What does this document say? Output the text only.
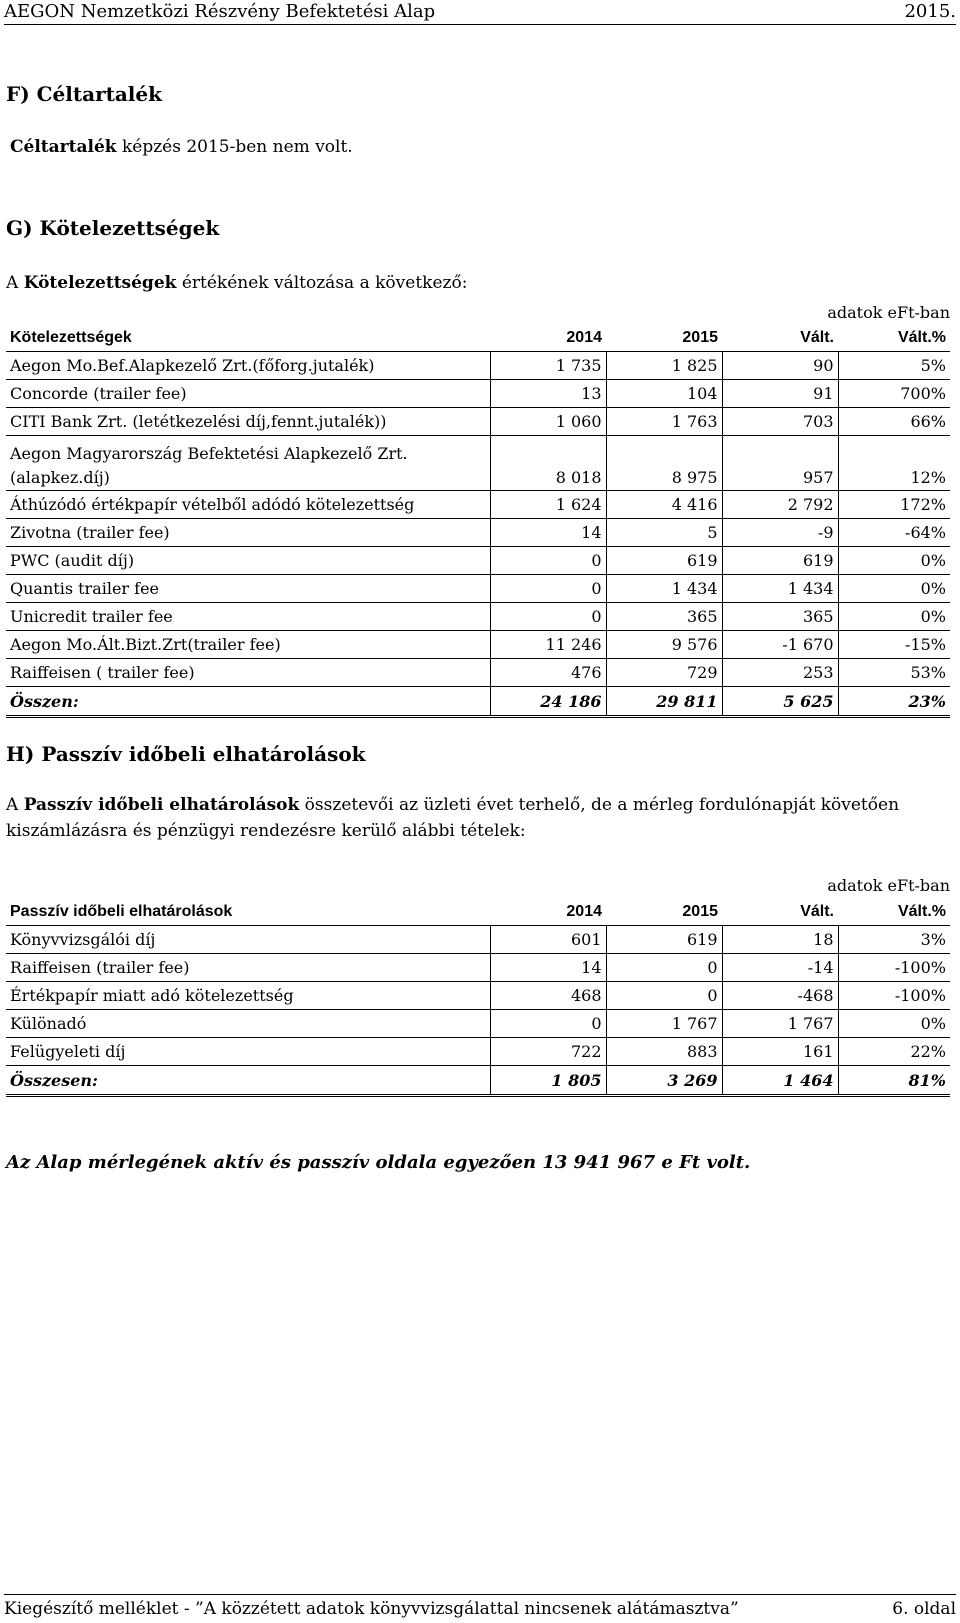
AEGON Nemzetközi Részvény Befektetési Alap	2015.
F) Céltartalék

Céltartalék képzés 2015-ben nem volt.

G) Kötelezettségek

A Kötelezettségek értékének változása a következő:

adatok eFt-ban
Kötelezettségek	2014	2015	Vált.	Vált.%
Aegon Mo.Bef.Alapkezelő Zrt.(főforg.jutalék)	1 735	1 825	90	5%
Concorde (trailer fee)	13	104	91	700%
CITI Bank Zrt. (letétkezelési díj,fennt.jutalék))	1 060	1 763	703	66%
Aegon Magyarország Befektetési Alapkezelő Zrt.(alapkez.díj)	8 018	8 975	957	12%
Áthúzódó értékpapír vételből adódó kötelezettség	1 624	4 416	2 792	172%
Zivotna (trailer fee)	14	5	-9	-64%
PWC (audit díj)	0	619	619	0%
Quantis trailer fee	0	1 434	1 434	0%
Unicredit trailer fee	0	365	365	0%
Aegon Mo.Ált.Bizt.Zrt(trailer fee)	11 246	9 576	-1 670	-15%
Raiffeisen ( trailer fee)	476	729	253	53%
Összen:	24 186	29 811	5 625	23%
H) Passzív időbeli elhatárolások

A Passzív időbeli elhatárolások összetevői az üzleti évet terhelő, de a mérleg fordulónapját követően kiszámlázásra és pénzügyi rendezésre kerülő alábbi tételek:

adatok eFt-ban
Passzív időbeli elhatárolások	2014	2015	Vált.	Vált.%
Könyvvizsgálói díj	601	619	18	3%
Raiffeisen (trailer fee)	14	0	-14	-100%
Értékpapír miatt adó kötelezettség	468	0	-468	-100%
Különadó	0	1 767	1 767	0%
Felügyeleti díj	722	883	161	22%
Összesen:	1 805	3 269	1 464	81%

Az Alap mérlegének aktív és passzív oldala egyezően 13 941 967 e Ft volt.

Kiegészítő melléklet - ”A közzétett adatok könyvvizsgálattal nincsenek alátámasztva”	6. oldal
